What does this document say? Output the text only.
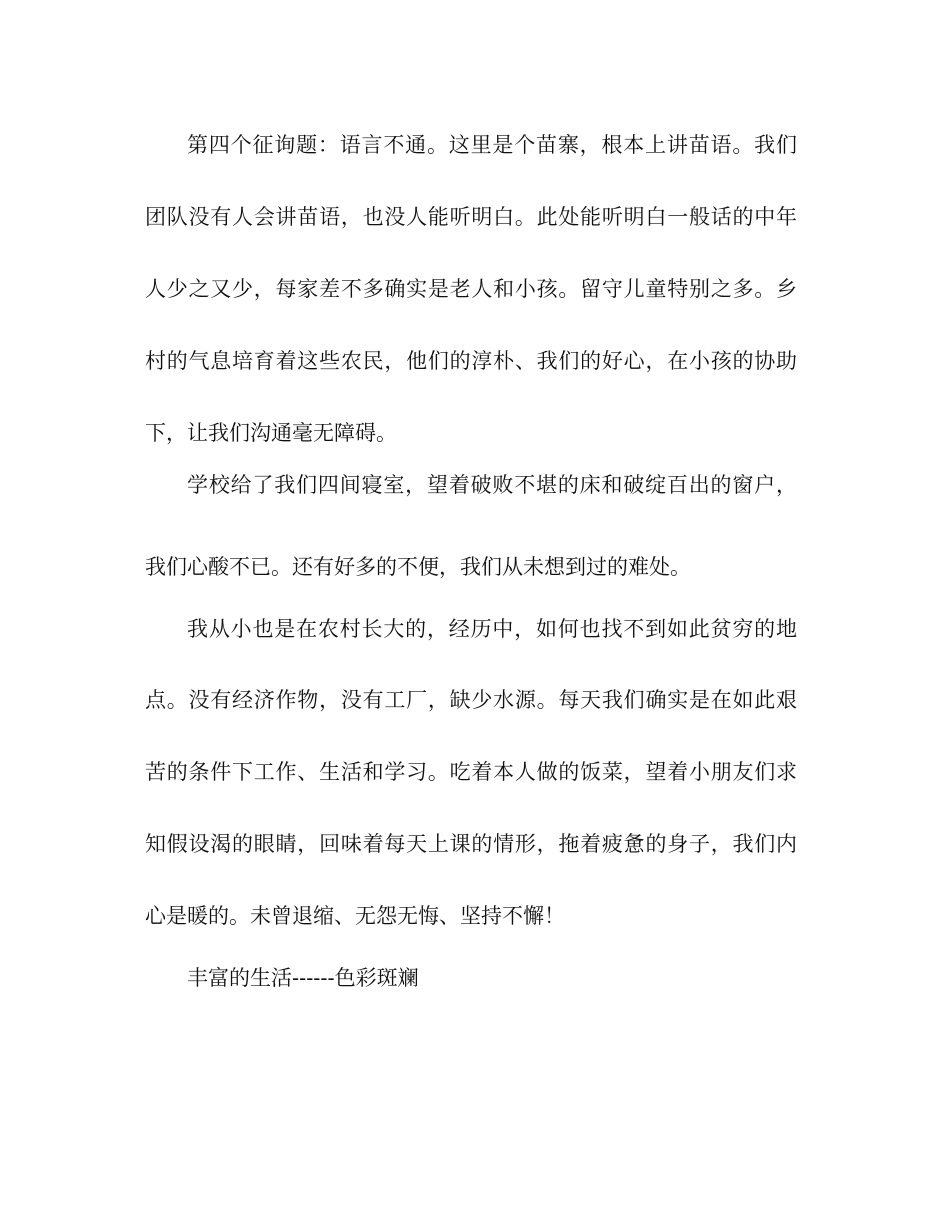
第四个征询题：语言不通。这里是个苗寨，根本上讲苗语。我们
团队没有人会讲苗语，也没人能听明白。此处能听明白一般话的中年
人少之又少，每家差不多确实是老人和小孩。留守儿童特别之多。乡
村的气息培育着这些农民，他们的淳朴、我们的好心，在小孩的协助
下，让我们沟通毫无障碍。
学校给了我们四间寝室，望着破败不堪的床和破绽百出的窗户，
我们心酸不已。还有好多的不便，我们从未想到过的难处。
我从小也是在农村长大的，经历中，如何也找不到如此贫穷的地
点。没有经济作物，没有工厂，缺少水源。每天我们确实是在如此艰
苦的条件下工作、生活和学习。吃着本人做的饭菜，望着小朋友们求
知假设渴的眼睛，回味着每天上课的情形，拖着疲惫的身子，我们内
心是暖的。未曾退缩、无怨无悔、坚持不懈！
丰富的生活------色彩斑斓
